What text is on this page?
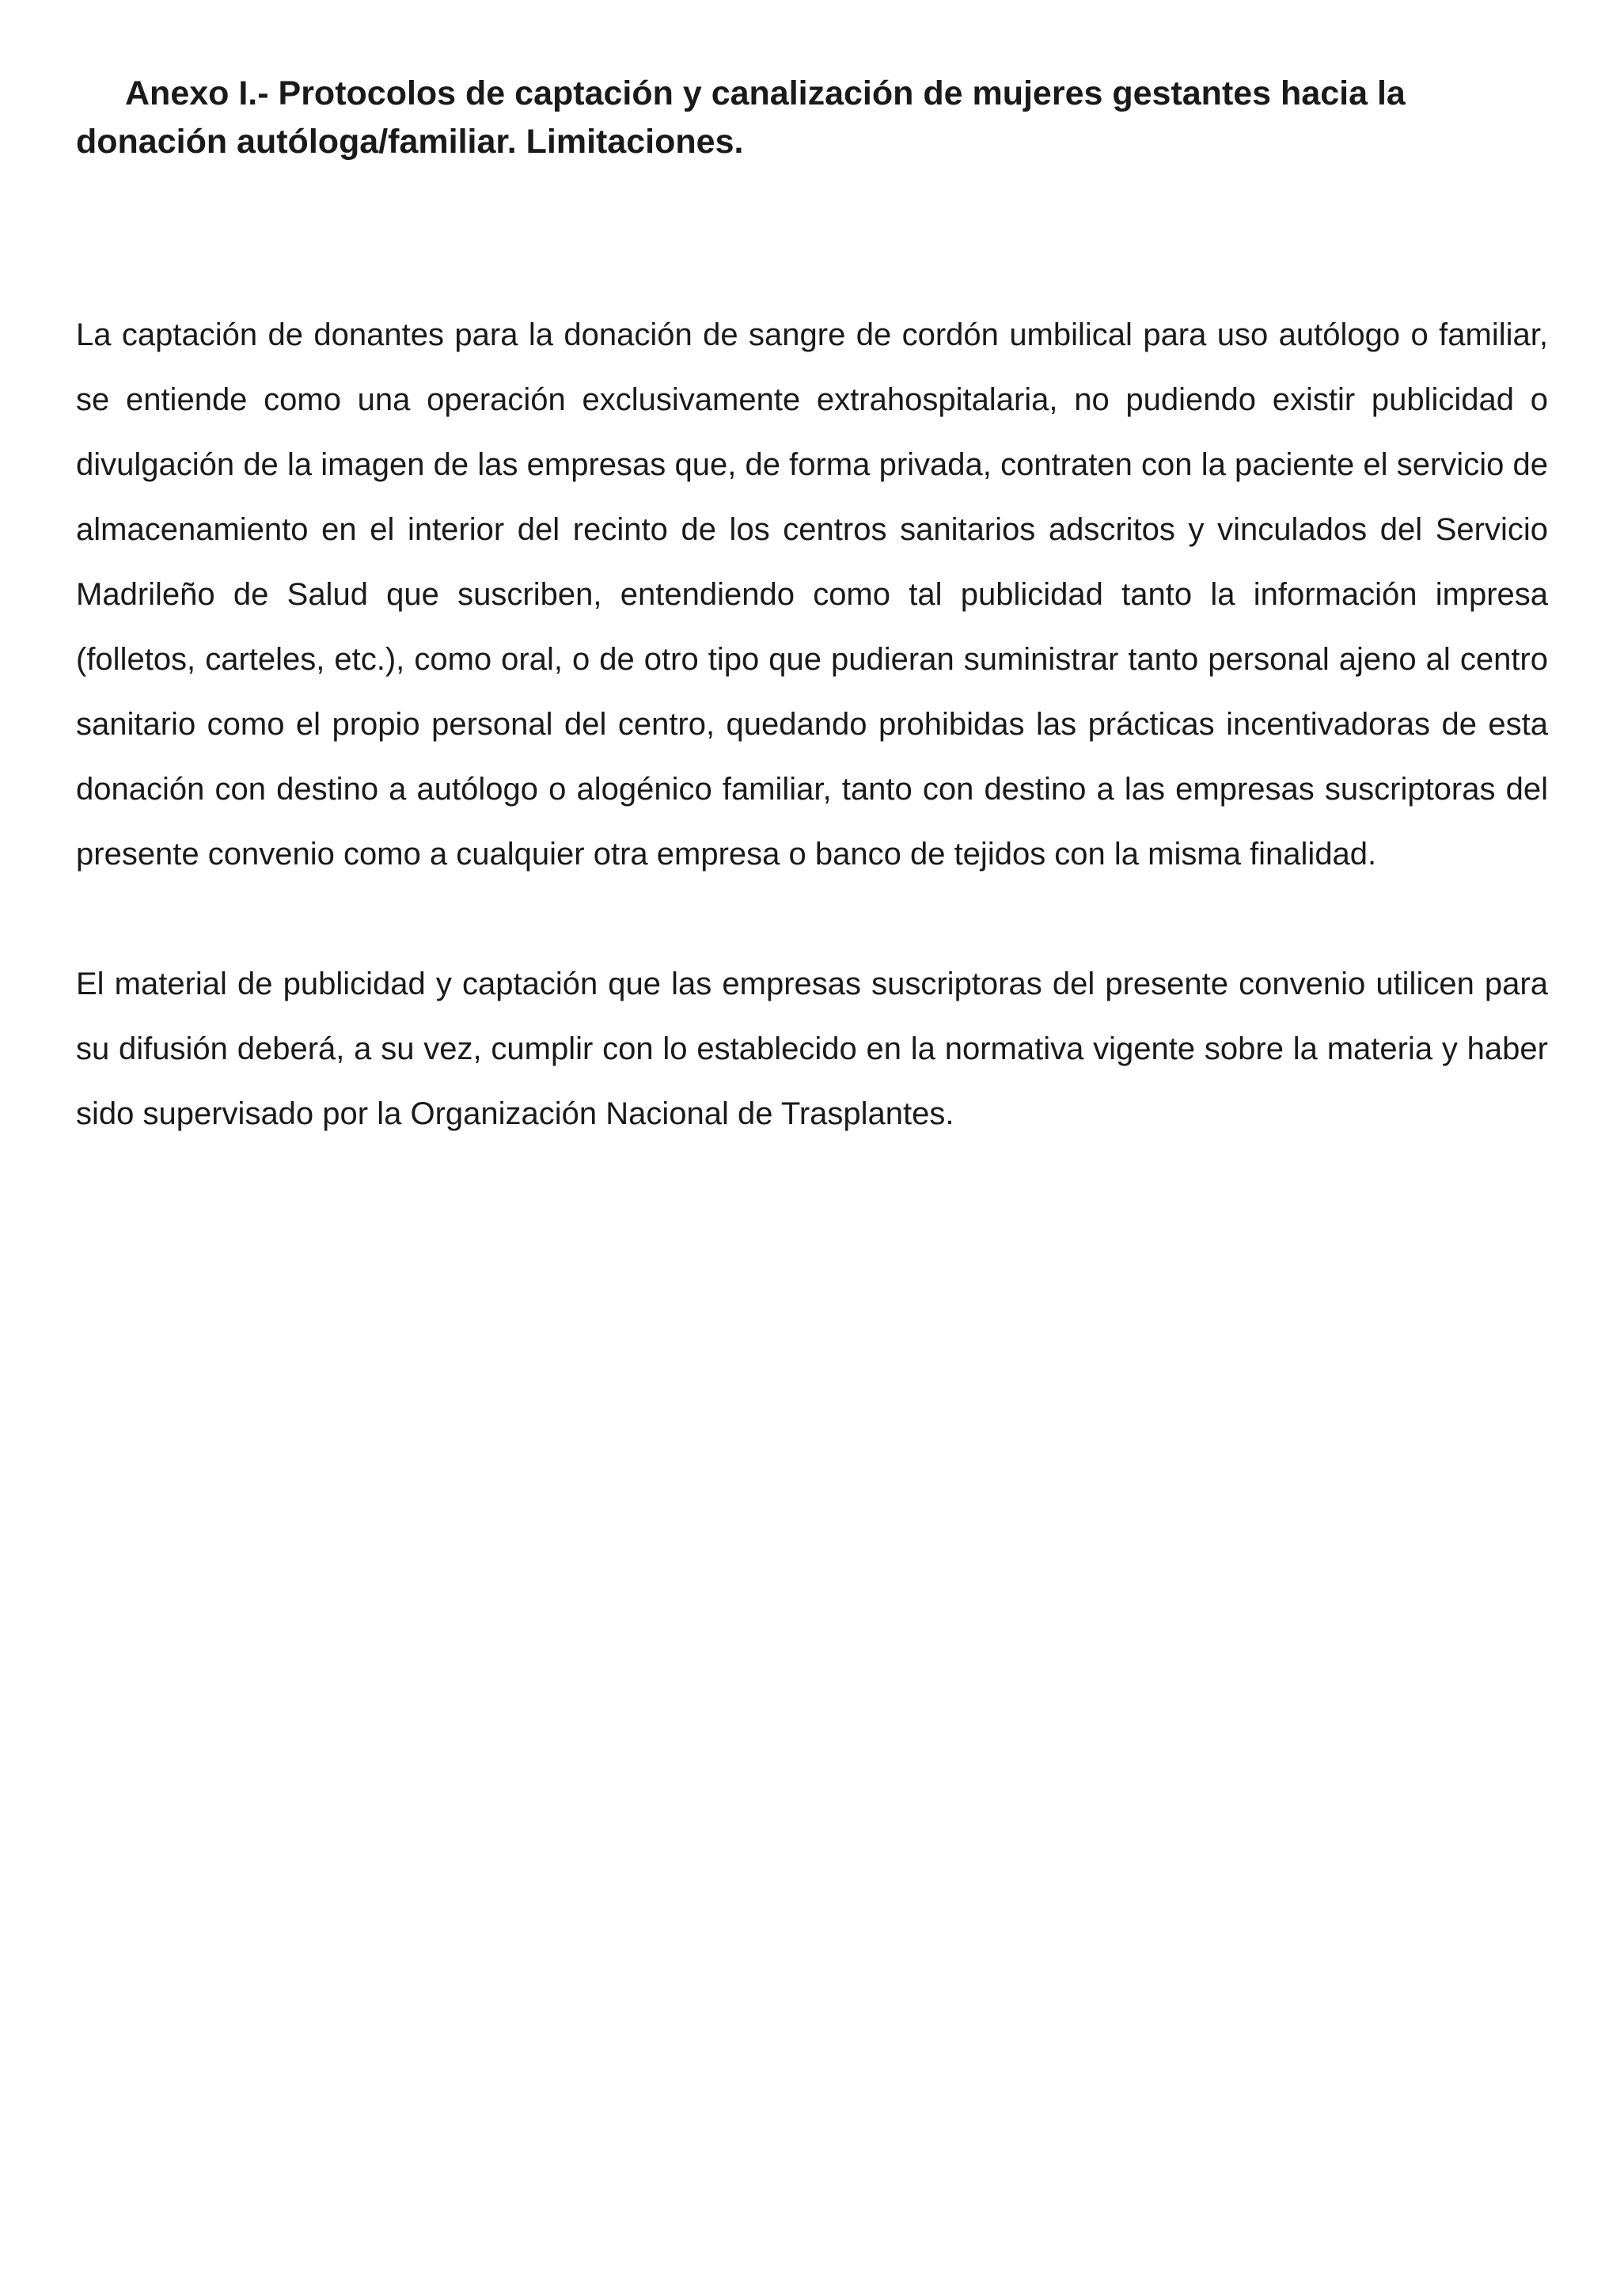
Anexo I.- Protocolos de captación y canalización de mujeres gestantes hacia la donación autóloga/familiar. Limitaciones.

La captación de donantes para la donación de sangre de cordón umbilical para uso autólogo o familiar, se entiende como una operación exclusivamente extrahospitalaria, no pudiendo existir publicidad o divulgación de la imagen de las empresas que, de forma privada, contraten con la paciente el servicio de almacenamiento en el interior del recinto de los centros sanitarios adscritos y vinculados del Servicio Madrileño de Salud que suscriben, entendiendo como tal publicidad tanto la información impresa (folletos, carteles, etc.), como oral, o de otro tipo que pudieran suministrar tanto personal ajeno al centro sanitario como el propio personal del centro, quedando prohibidas las prácticas incentivadoras de esta donación con destino a autólogo o alogénico familiar, tanto con destino a las empresas suscriptoras del presente convenio como a cualquier otra empresa o banco de tejidos con la misma finalidad.

El material de publicidad y captación que las empresas suscriptoras del presente convenio utilicen para su difusión deberá, a su vez, cumplir con lo establecido en la normativa vigente sobre la materia y haber sido supervisado por la Organización Nacional de Trasplantes.
